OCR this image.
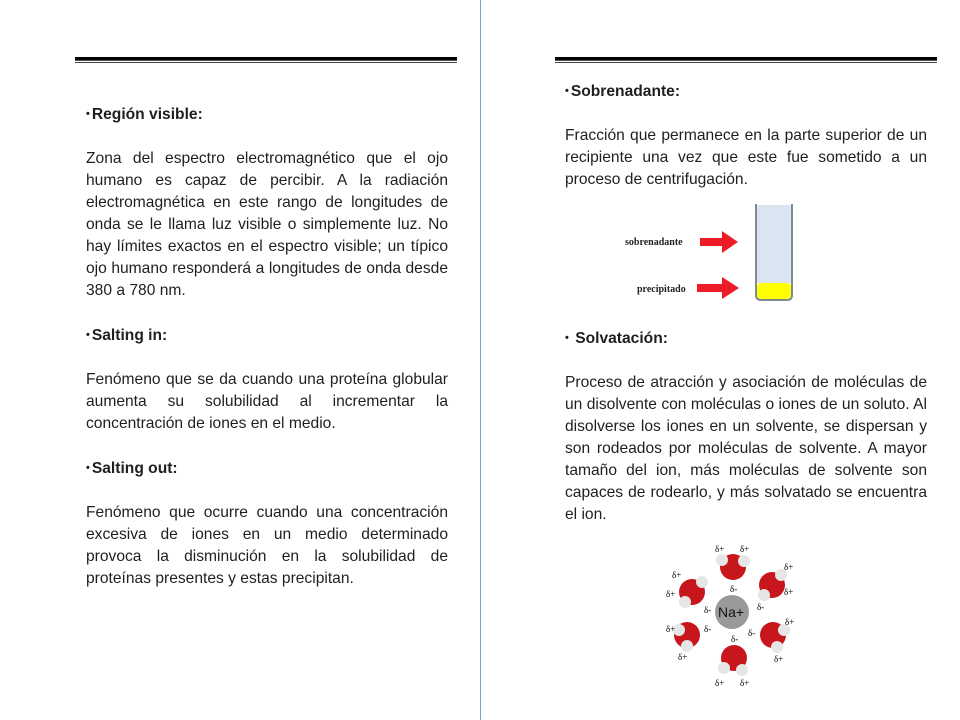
• Región visible:

Zona del espectro electromagnético que el ojo humano es capaz de percibir. A la radiación electromagnética en este rango de longitudes de onda se le llama luz visible o simplemente luz. No hay límites exactos en el espectro visible; un típico ojo humano responderá a longitudes de onda desde 380 a 780 nm.

• Salting in:

Fenómeno que se da cuando una proteína globular aumenta su solubilidad al incrementar la concentración de iones en el medio.

• Salting out:

Fenómeno que ocurre cuando una concentración excesiva de iones en un medio determinado provoca la disminución en la solubilidad de proteínas presentes y estas precipitan.

• Sobrenadante:

Fracción que permanece en la parte superior de un recipiente una vez que este fue sometido a un proceso de centrifugación.

sobrenadante
precipitado

• Solvatación:

Proceso de atracción y asociación de moléculas de un disolvente con moléculas o iones de un soluto. Al disolverse los iones en un solvente, se dispersan y son rodeados por moléculas de solvente. A mayor tamaño del ion, más moléculas de solvente son capaces de rodearlo, y más solvatado se encuentra el ion.

δ+ δ+
δ-
δ+
δ+
δ-
δ+
δ+
δ-
δ+
δ+
δ-
δ+
δ+
δ-
δ-
δ+ δ+
Na+
